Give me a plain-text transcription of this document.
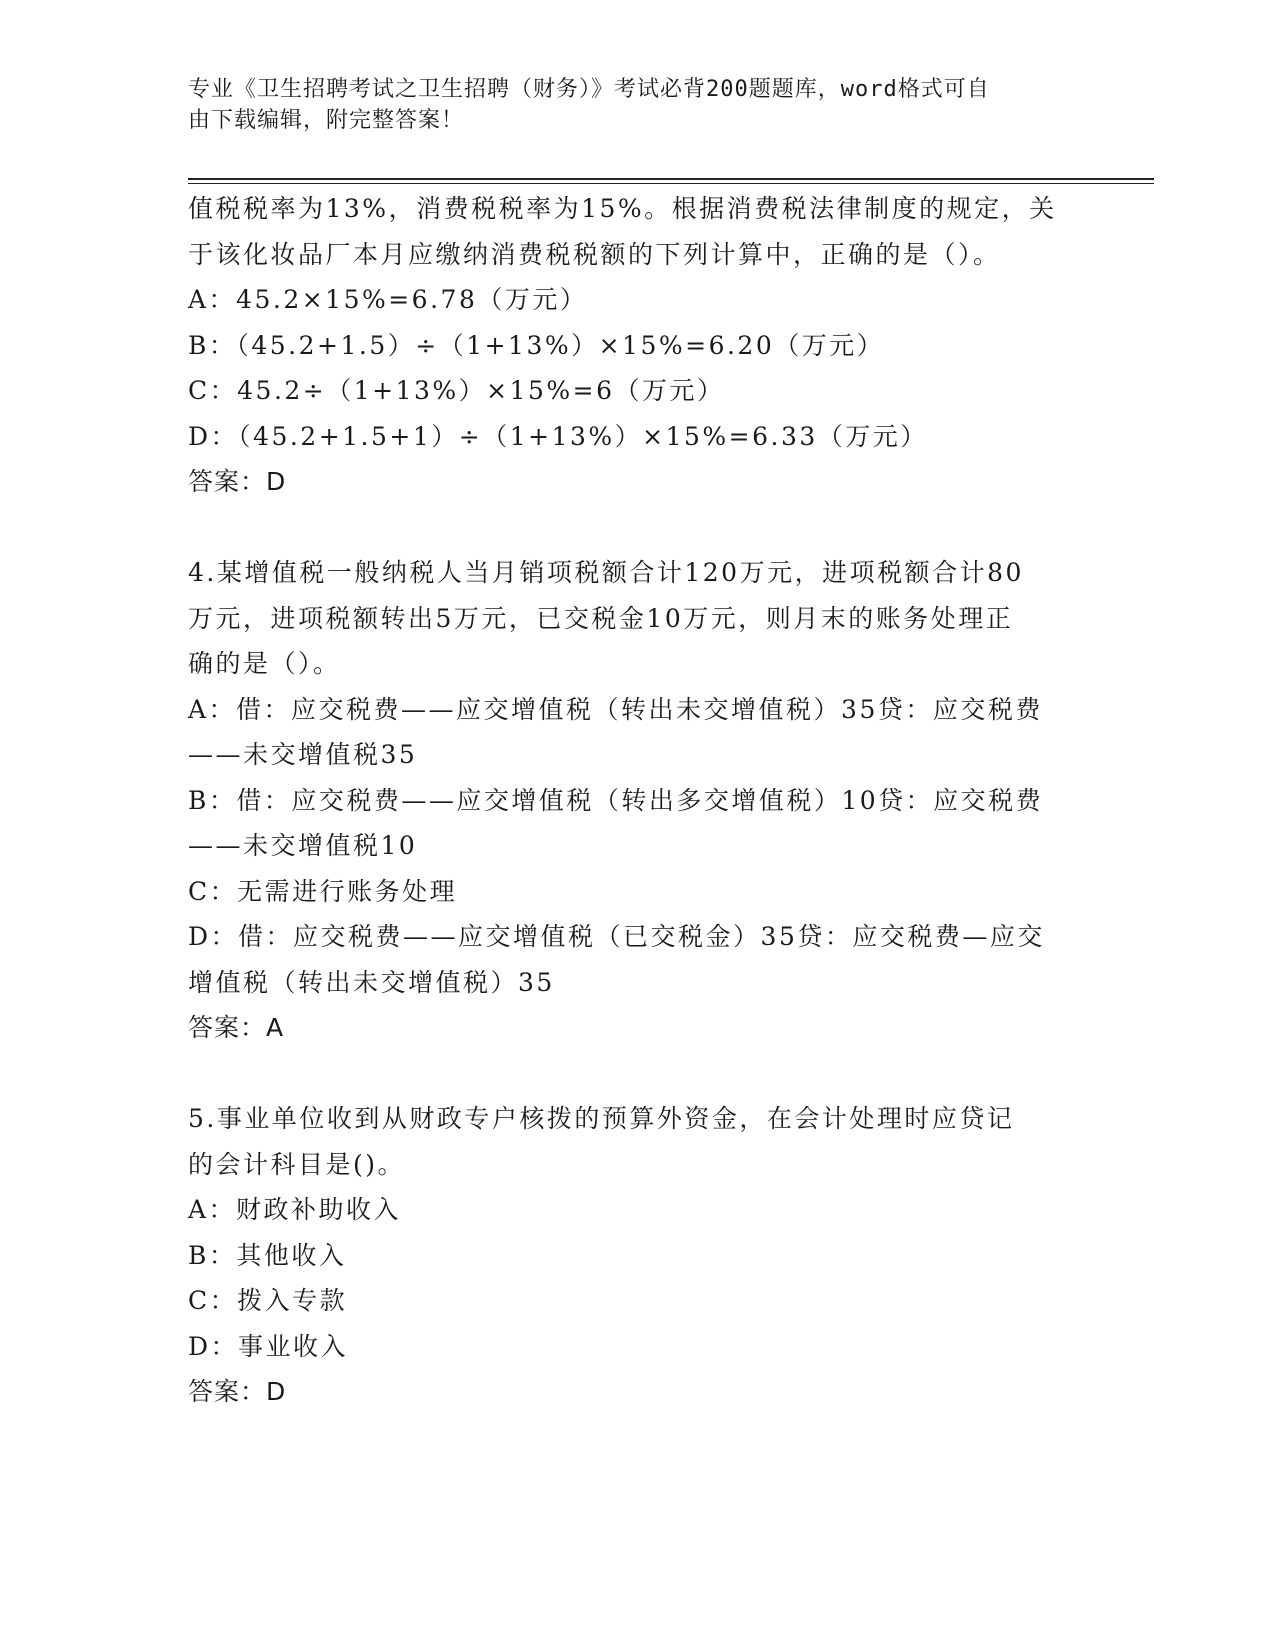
专业《卫生招聘考试之卫生招聘（财务）》考试必背200题题库，word格式可自
由下载编辑，附完整答案！
值税税率为13%，消费税税率为15%。根据消费税法律制度的规定，关
于该化妆品厂本月应缴纳消费税税额的下列计算中，正确的是（）。
A：45.2×15%=6.78（万元）
B：（45.2+1.5）÷（1+13%）×15%=6.20（万元）
C：45.2÷（1+13%）×15%=6（万元）
D：（45.2+1.5+1）÷（1+13%）×15%=6.33（万元）
答案：D
4.某增值税一般纳税人当月销项税额合计120万元，进项税额合计80
万元，进项税额转出5万元，已交税金10万元，则月末的账务处理正
确的是（）。
A：借：应交税费——应交增值税（转出未交增值税）35贷：应交税费
——未交增值税35
B：借：应交税费——应交增值税（转出多交增值税）10贷：应交税费
——未交增值税10
C：无需进行账务处理
D：借：应交税费——应交增值税（已交税金）35贷：应交税费—应交
增值税（转出未交增值税）35
答案：A
5.事业单位收到从财政专户核拨的预算外资金，在会计处理时应贷记
的会计科目是()。
A：财政补助收入
B：其他收入
C：拨入专款
D：事业收入
答案：D
